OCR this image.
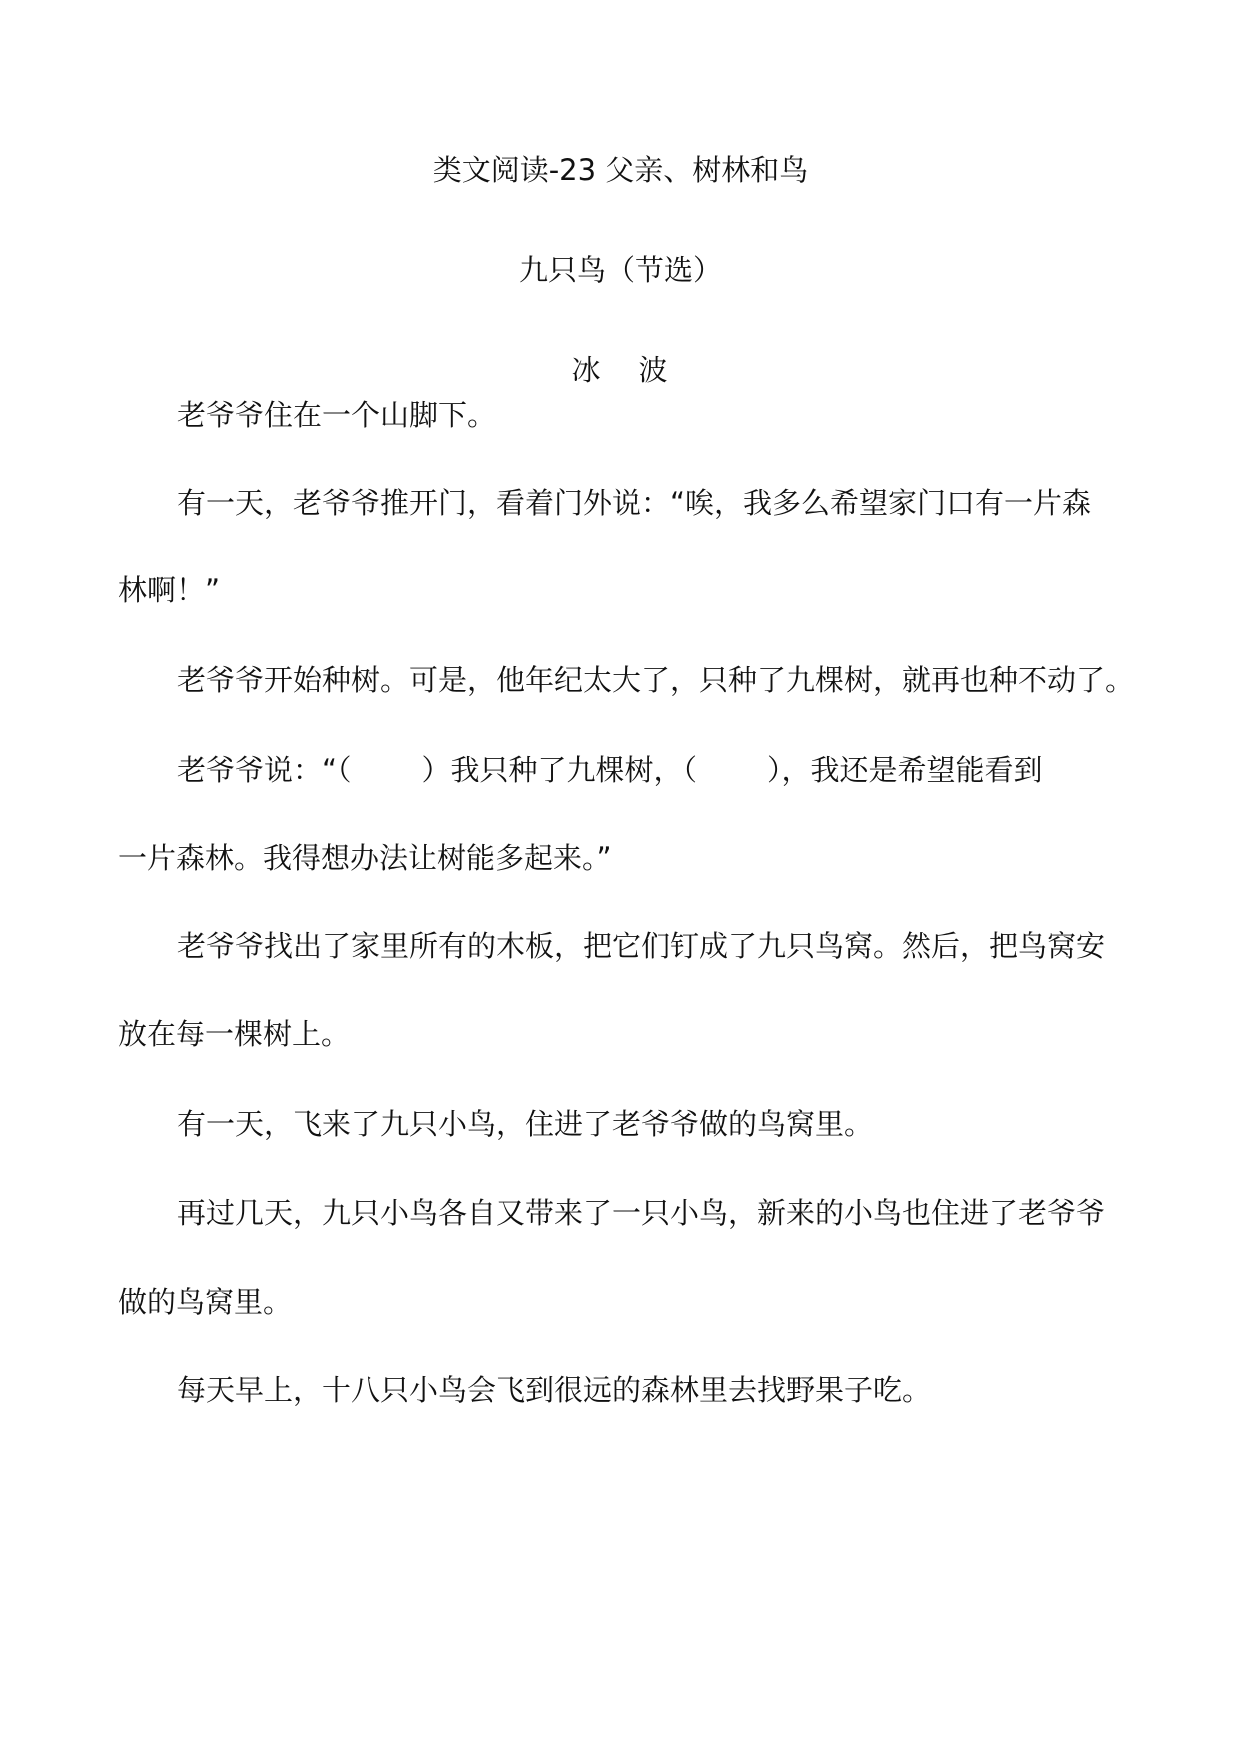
类文阅读-23 父亲、树林和鸟
九只鸟（节选）
冰 波
老爷爷住在一个山脚下。
有一天，老爷爷推开门，看着门外说：“唉，我多么希望家门口有一片森
林啊！”
老爷爷开始种树。可是，他年纪太大了，只种了九棵树，就再也种不动了。
老爷爷说：“（ ）我只种了九棵树，（ ），我还是希望能看到
一片森林。我得想办法让树能多起来。”
老爷爷找出了家里所有的木板，把它们钉成了九只鸟窝。然后，把鸟窝安
放在每一棵树上。
有一天，飞来了九只小鸟，住进了老爷爷做的鸟窝里。
再过几天，九只小鸟各自又带来了一只小鸟，新来的小鸟也住进了老爷爷
做的鸟窝里。
每天早上，十八只小鸟会飞到很远的森林里去找野果子吃。
